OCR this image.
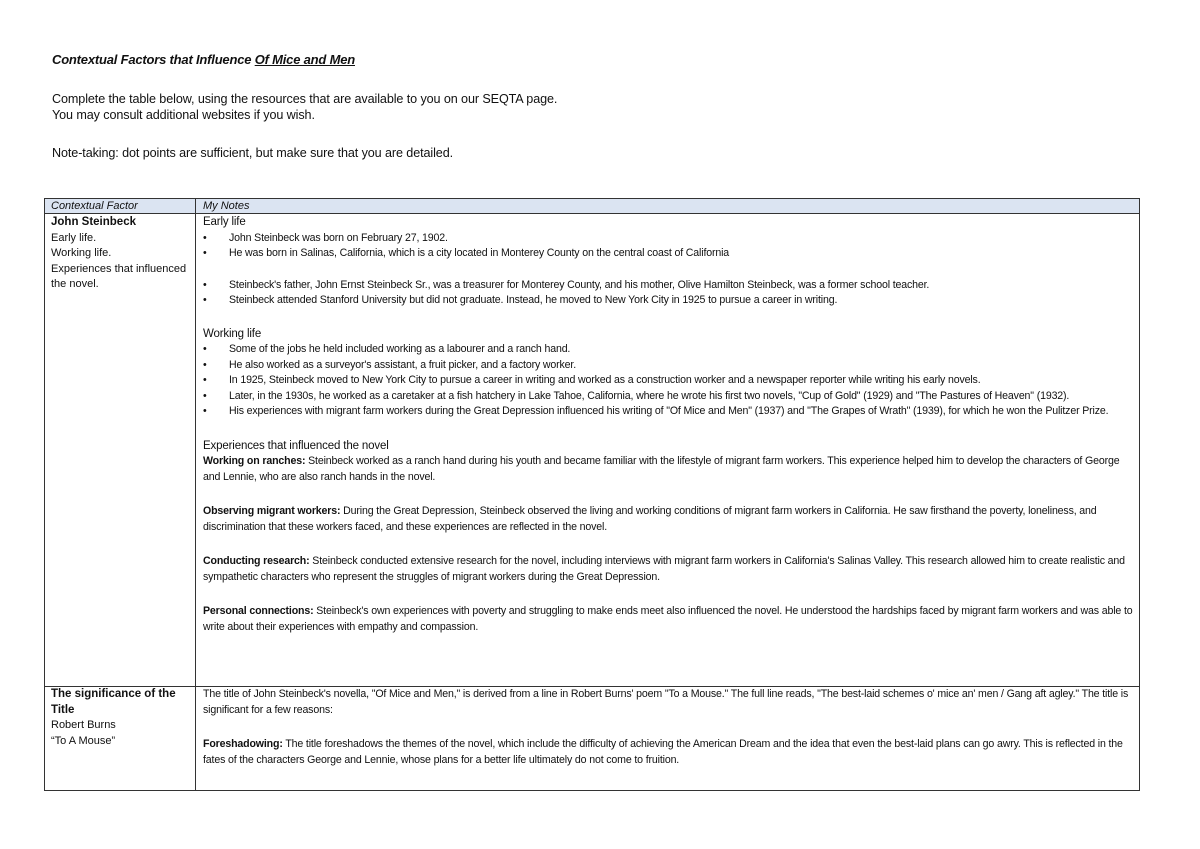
Contextual Factors that Influence Of Mice and Men
Complete the table below, using the resources that are available to you on our SEQTA page.
You may consult additional websites if you wish.
Note-taking: dot points are sufficient, but make sure that you are detailed.
Contextual Factor	My Notes
John Steinbeck
Early life.
Working life.
Experiences that influenced the novel.
Early life
• John Steinbeck was born on February 27, 1902.
• He was born in Salinas, California, which is a city located in Monterey County on the central coast of California
• Steinbeck's father, John Ernst Steinbeck Sr., was a treasurer for Monterey County, and his mother, Olive Hamilton Steinbeck, was a former school teacher.
• Steinbeck attended Stanford University but did not graduate. Instead, he moved to New York City in 1925 to pursue a career in writing.
Working life
• Some of the jobs he held included working as a labourer and a ranch hand.
• He also worked as a surveyor's assistant, a fruit picker, and a factory worker.
• In 1925, Steinbeck moved to New York City to pursue a career in writing and worked as a construction worker and a newspaper reporter while writing his early novels.
• Later, in the 1930s, he worked as a caretaker at a fish hatchery in Lake Tahoe, California, where he wrote his first two novels, "Cup of Gold" (1929) and "The Pastures of Heaven" (1932).
• His experiences with migrant farm workers during the Great Depression influenced his writing of "Of Mice and Men" (1937) and "The Grapes of Wrath" (1939), for which he won the Pulitzer Prize.
Experiences that influenced the novel
Working on ranches: Steinbeck worked as a ranch hand during his youth and became familiar with the lifestyle of migrant farm workers. This experience helped him to develop the characters of George and Lennie, who are also ranch hands in the novel.
Observing migrant workers: During the Great Depression, Steinbeck observed the living and working conditions of migrant farm workers in California. He saw firsthand the poverty, loneliness, and discrimination that these workers faced, and these experiences are reflected in the novel.
Conducting research: Steinbeck conducted extensive research for the novel, including interviews with migrant farm workers in California's Salinas Valley. This research allowed him to create realistic and sympathetic characters who represent the struggles of migrant workers during the Great Depression.
Personal connections: Steinbeck's own experiences with poverty and struggling to make ends meet also influenced the novel. He understood the hardships faced by migrant farm workers and was able to write about their experiences with empathy and compassion.
The significance of the Title
Robert Burns
“To A Mouse”
The title of John Steinbeck's novella, "Of Mice and Men," is derived from a line in Robert Burns' poem "To a Mouse." The full line reads, "The best-laid schemes o' mice an' men / Gang aft agley." The title is significant for a few reasons:
Foreshadowing: The title foreshadows the themes of the novel, which include the difficulty of achieving the American Dream and the idea that even the best-laid plans can go awry. This is reflected in the fates of the characters George and Lennie, whose plans for a better life ultimately do not come to fruition.
